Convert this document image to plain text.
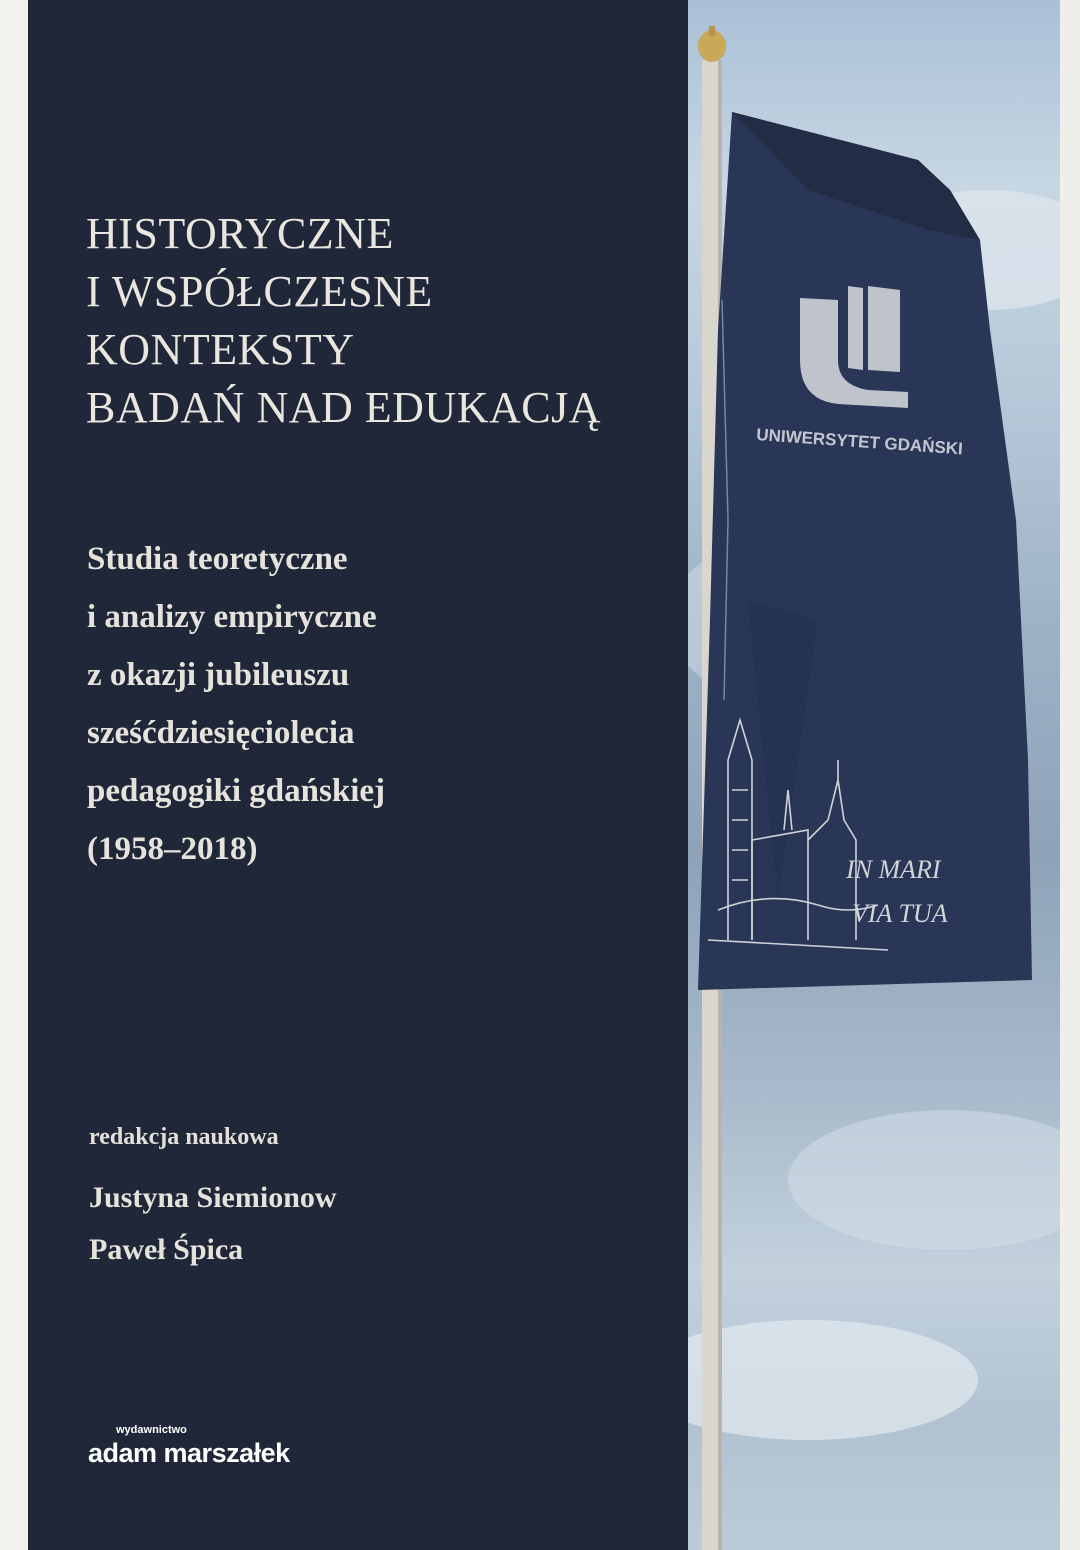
UNIWERSYTET GDAŃSKI
IN MARI
VIA TUA
HISTORYCZNE
I WSPÓŁCZESNE
KONTEKSTY
BADAŃ NAD EDUKACJĄ
Studia teoretyczne
i analizy empiryczne
z okazji jubileuszu
sześćdziesięciolecia
pedagogiki gdańskiej
(1958–2018)
redakcja naukowa
Justyna Siemionow
Paweł Śpica
wydawnictwo
adam marszałek
